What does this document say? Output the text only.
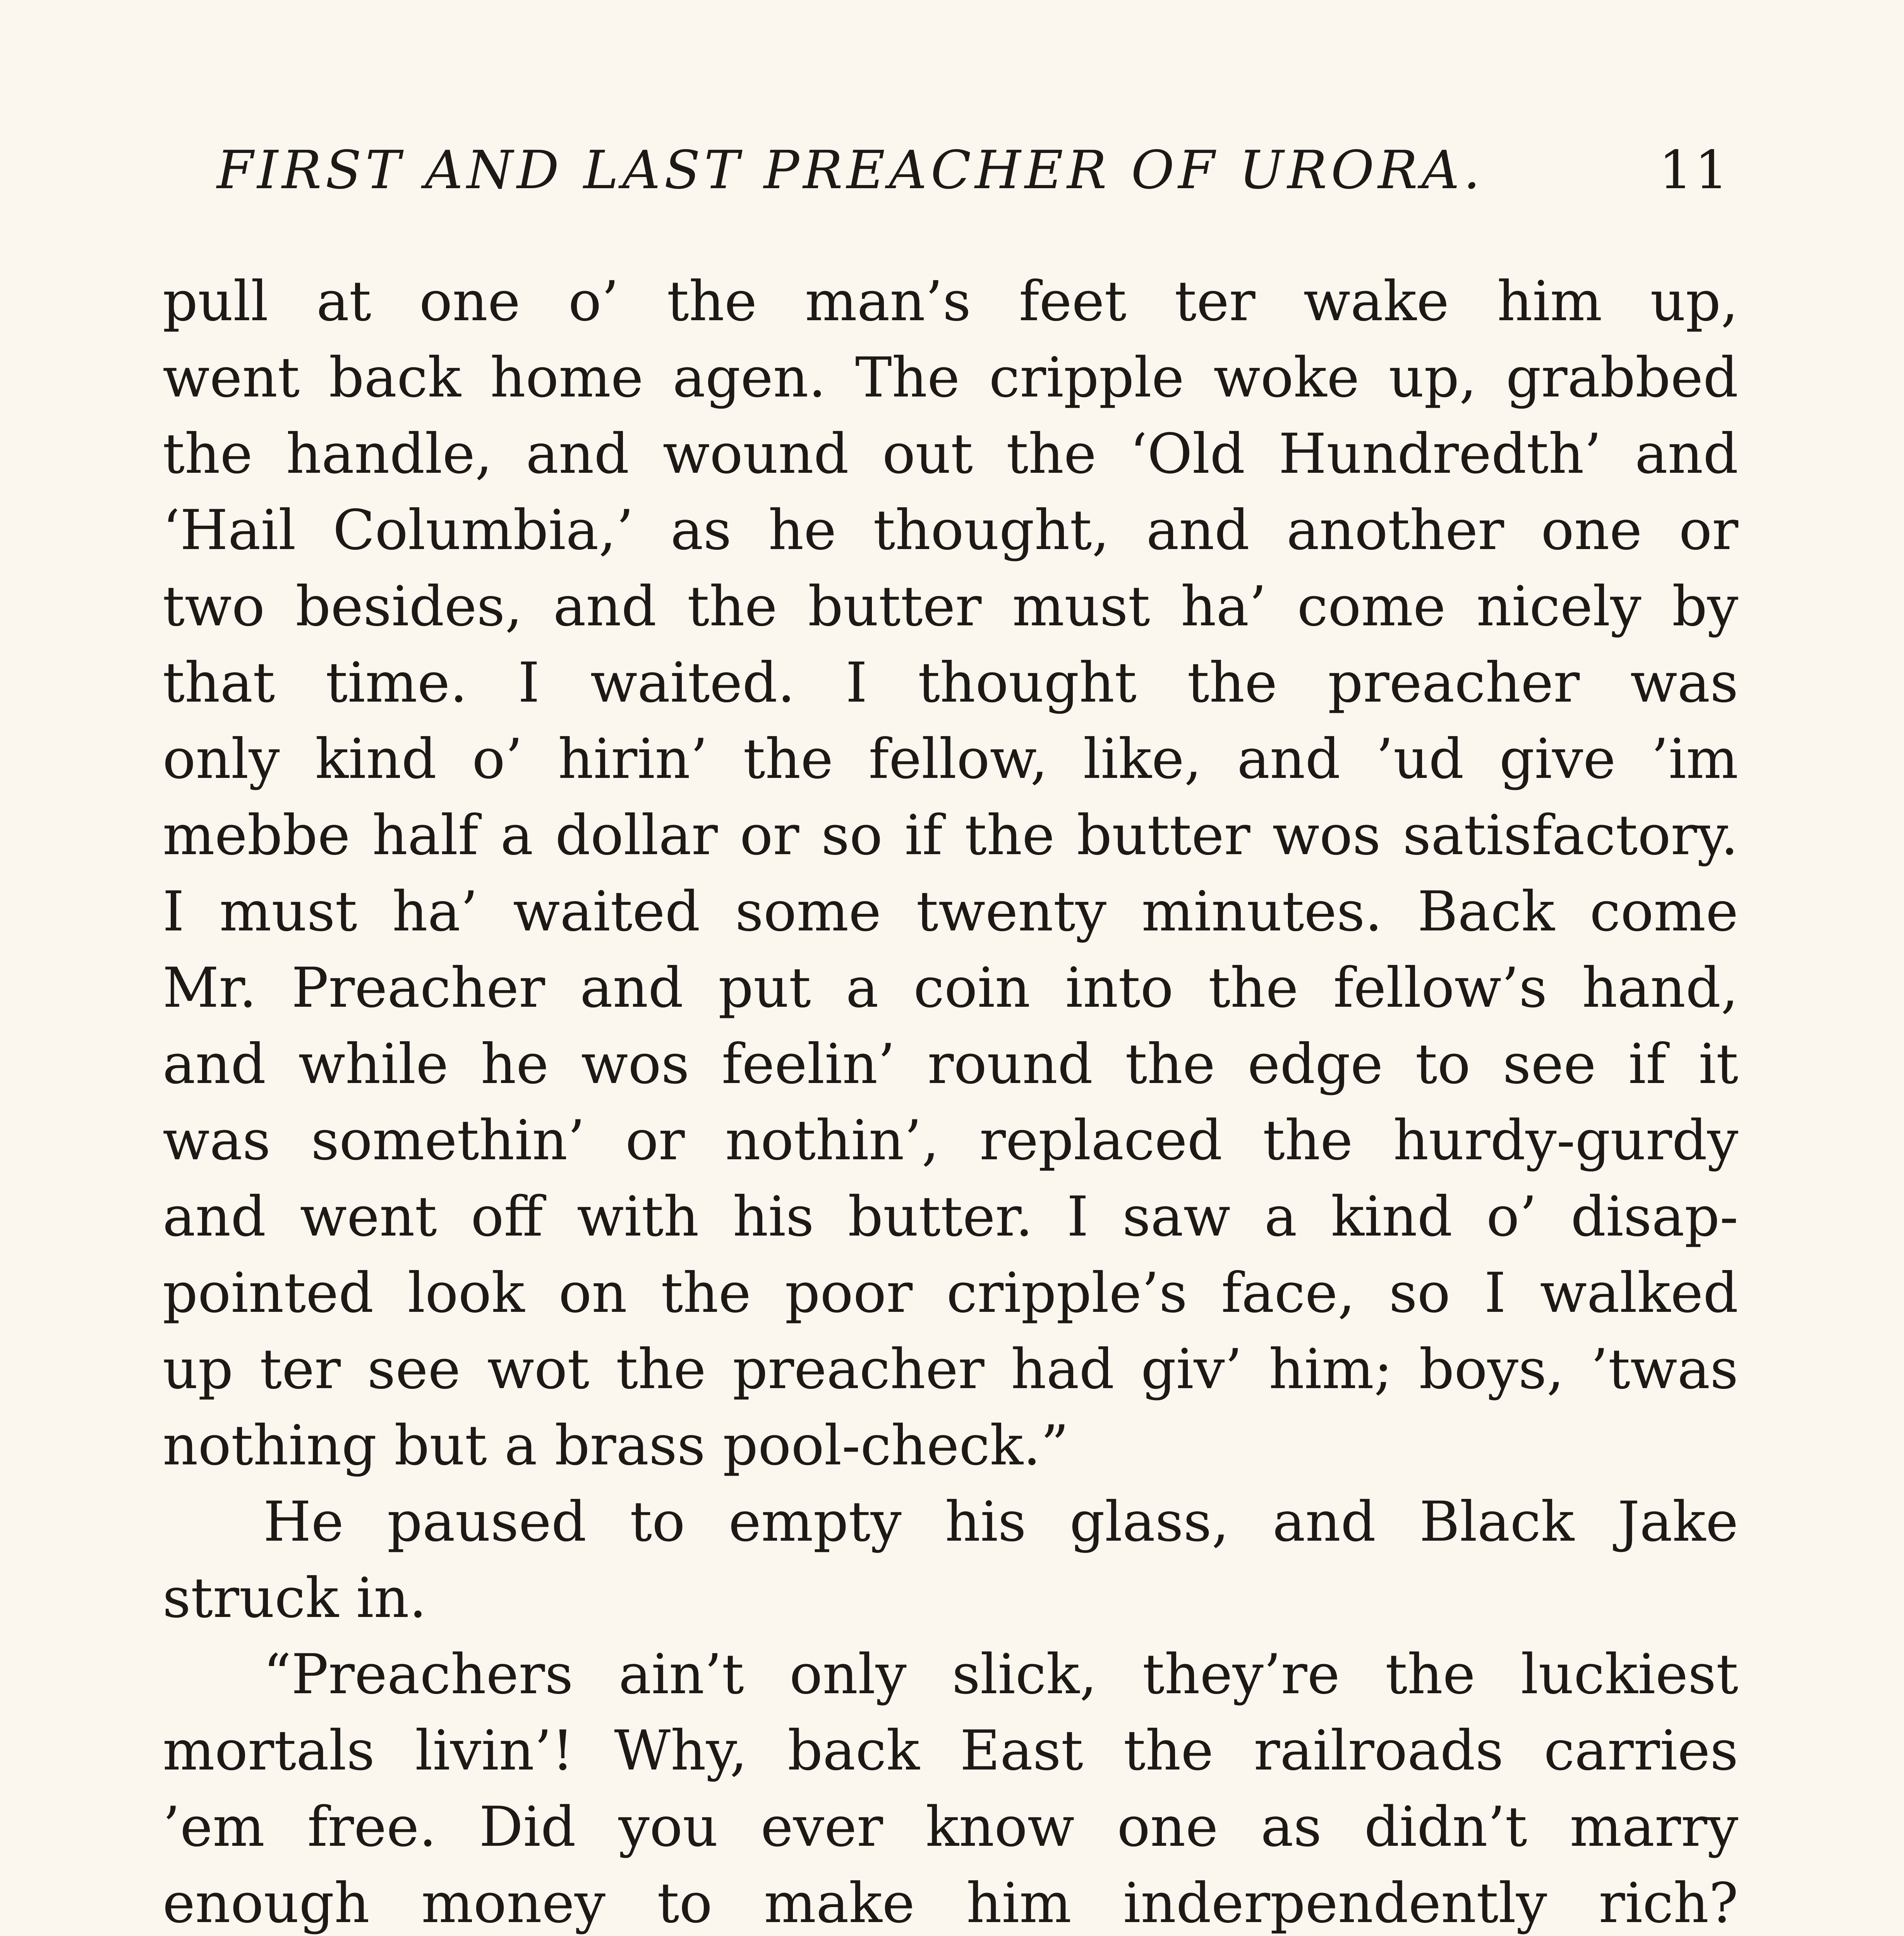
FIRST AND LAST PREACHER OF URORA.	11
pull at one o’ the man’s feet ter wake him up,
went back home agen. The cripple woke up, grabbed
the handle, and wound out the ‘Old Hundredth’ and
‘Hail Columbia,’ as he thought, and another one or
two besides, and the butter must ha’ come nicely by
that time. I waited. I thought the preacher was
only kind o’ hirin’ the fellow, like, and ’ud give ’im
mebbe half a dollar or so if the butter wos satisfactory.
I must ha’ waited some twenty minutes. Back come
Mr. Preacher and put a coin into the fellow’s hand,
and while he wos feelin’ round the edge to see if it
was somethin’ or nothin’, replaced the hurdy-gurdy
and went off with his butter. I saw a kind o’ disap-
pointed look on the poor cripple’s face, so I walked
up ter see wot the preacher had giv’ him; boys, ’twas
nothing but a brass pool-check.”
He paused to empty his glass, and Black Jake
struck in.
“Preachers ain’t only slick, they’re the luckiest
mortals livin’! Why, back East the railroads carries
’em free. Did you ever know one as didn’t marry
enough money to make him inderpendently rich?
